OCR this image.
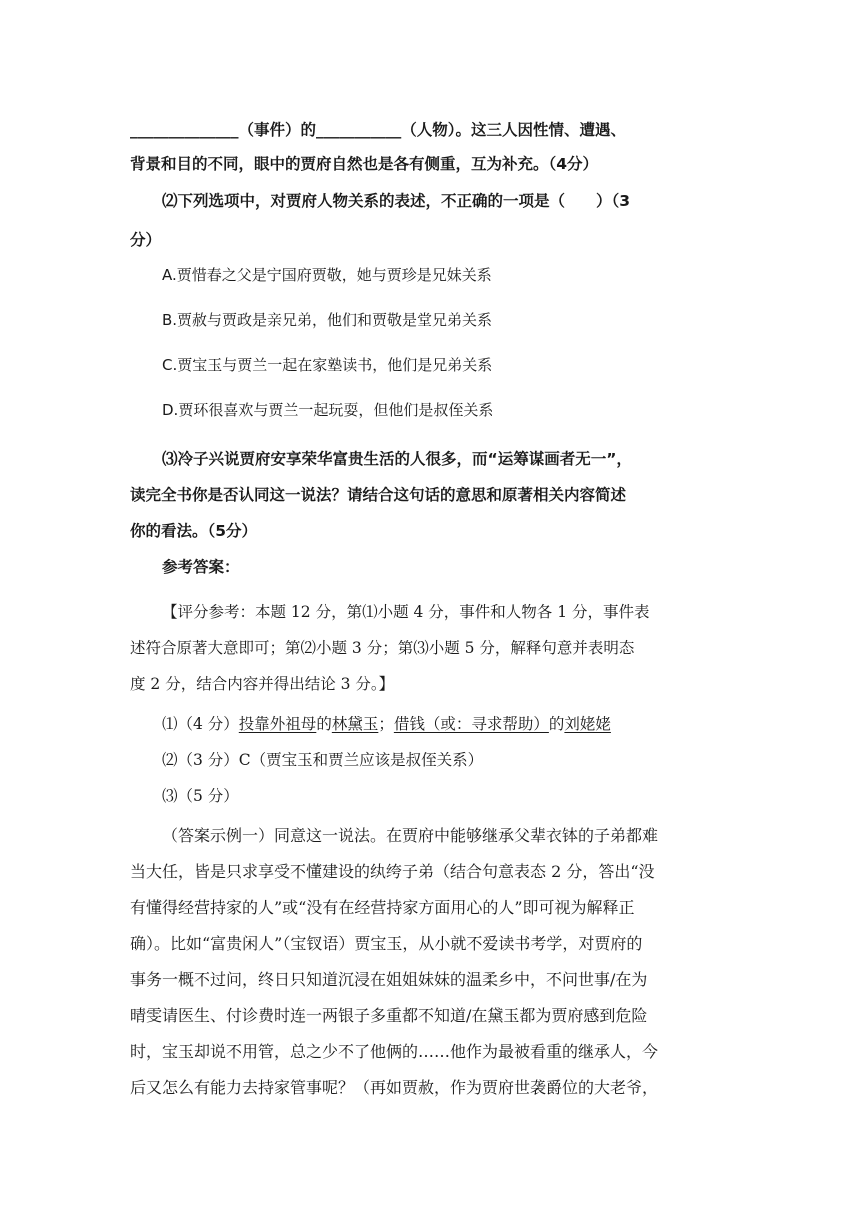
______________（事件）的___________（人物）。这三人因性情、遭遇、
背景和目的不同，眼中的贾府自然也是各有侧重，互为补充。（4分）
⑵下列选项中，对贾府人物关系的表述，不正确的一项是（　　）（3
分）
A.贾惜春之父是宁国府贾敬，她与贾珍是兄妹关系
B.贾赦与贾政是亲兄弟，他们和贾敬是堂兄弟关系
C.贾宝玉与贾兰一起在家塾读书，他们是兄弟关系
D.贾环很喜欢与贾兰一起玩耍，但他们是叔侄关系
⑶冷子兴说贾府安享荣华富贵生活的人很多，而“运筹谋画者无一”，
读完全书你是否认同这一说法？请结合这句话的意思和原著相关内容简述
你的看法。（5分）
参考答案：
【评分参考：本题 12 分，第⑴小题 4 分，事件和人物各 1 分，事件表
述符合原著大意即可；第⑵小题 3 分；第⑶小题 5 分，解释句意并表明态
度 2 分，结合内容并得出结论 3 分。】
⑴（4 分）投靠外祖母的林黛玉；借钱（或：寻求帮助）的刘姥姥
⑵（3 分）C（贾宝玉和贾兰应该是叔侄关系）
⑶（5 分）
（答案示例一）同意这一说法。在贾府中能够继承父辈衣钵的子弟都难
当大任，皆是只求享受不懂建设的纨绔子弟（结合句意表态 2 分，答出“没
有懂得经营持家的人”或“没有在经营持家方面用心的人”即可视为解释正
确）。比如“富贵闲人”（宝钗语）贾宝玉，从小就不爱读书考学，对贾府的
事务一概不过问，终日只知道沉浸在姐姐妹妹的温柔乡中，不问世事/在为
晴雯请医生、付诊费时连一两银子多重都不知道/在黛玉都为贾府感到危险
时，宝玉却说不用管，总之少不了他俩的……他作为最被看重的继承人，今
后又怎么有能力去持家管事呢？（再如贾赦，作为贾府世袭爵位的大老爷，
